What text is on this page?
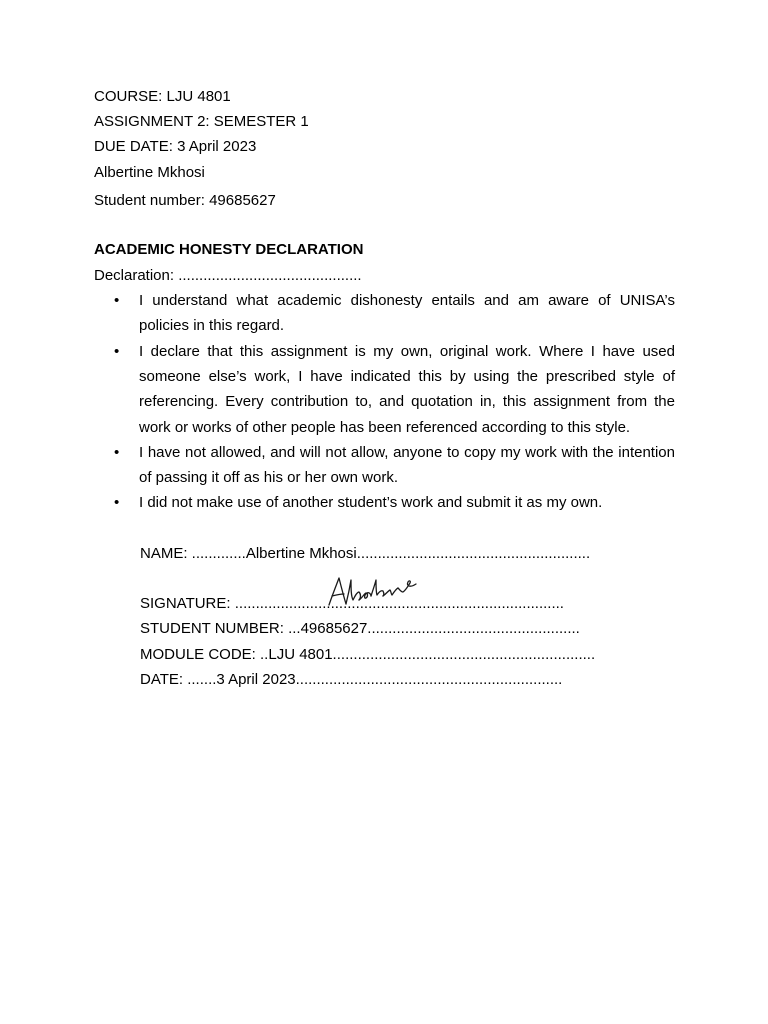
COURSE: LJU 4801
ASSIGNMENT 2: SEMESTER 1
DUE DATE: 3 April 2023
Albertine Mkhosi
Student number: 49685627
ACADEMIC HONESTY DECLARATION
Declaration: ............................................
• I understand what academic dishonesty entails and am aware of UNISA’s policies in this regard.
• I declare that this assignment is my own, original work. Where I have used someone else’s work, I have indicated this by using the prescribed style of referencing. Every contribution to, and quotation in, this assignment from the work or works of other people has been referenced according to this style.
• I have not allowed, and will not allow, anyone to copy my work with the intention of passing it off as his or her own work.
• I did not make use of another student’s work and submit it as my own.
NAME: .............Albertine Mkhosi........................................................
SIGNATURE: ...............................................................................
STUDENT NUMBER: ...49685627...................................................
MODULE CODE: ..LJU 4801...............................................................
DATE: .......3 April 2023................................................................
